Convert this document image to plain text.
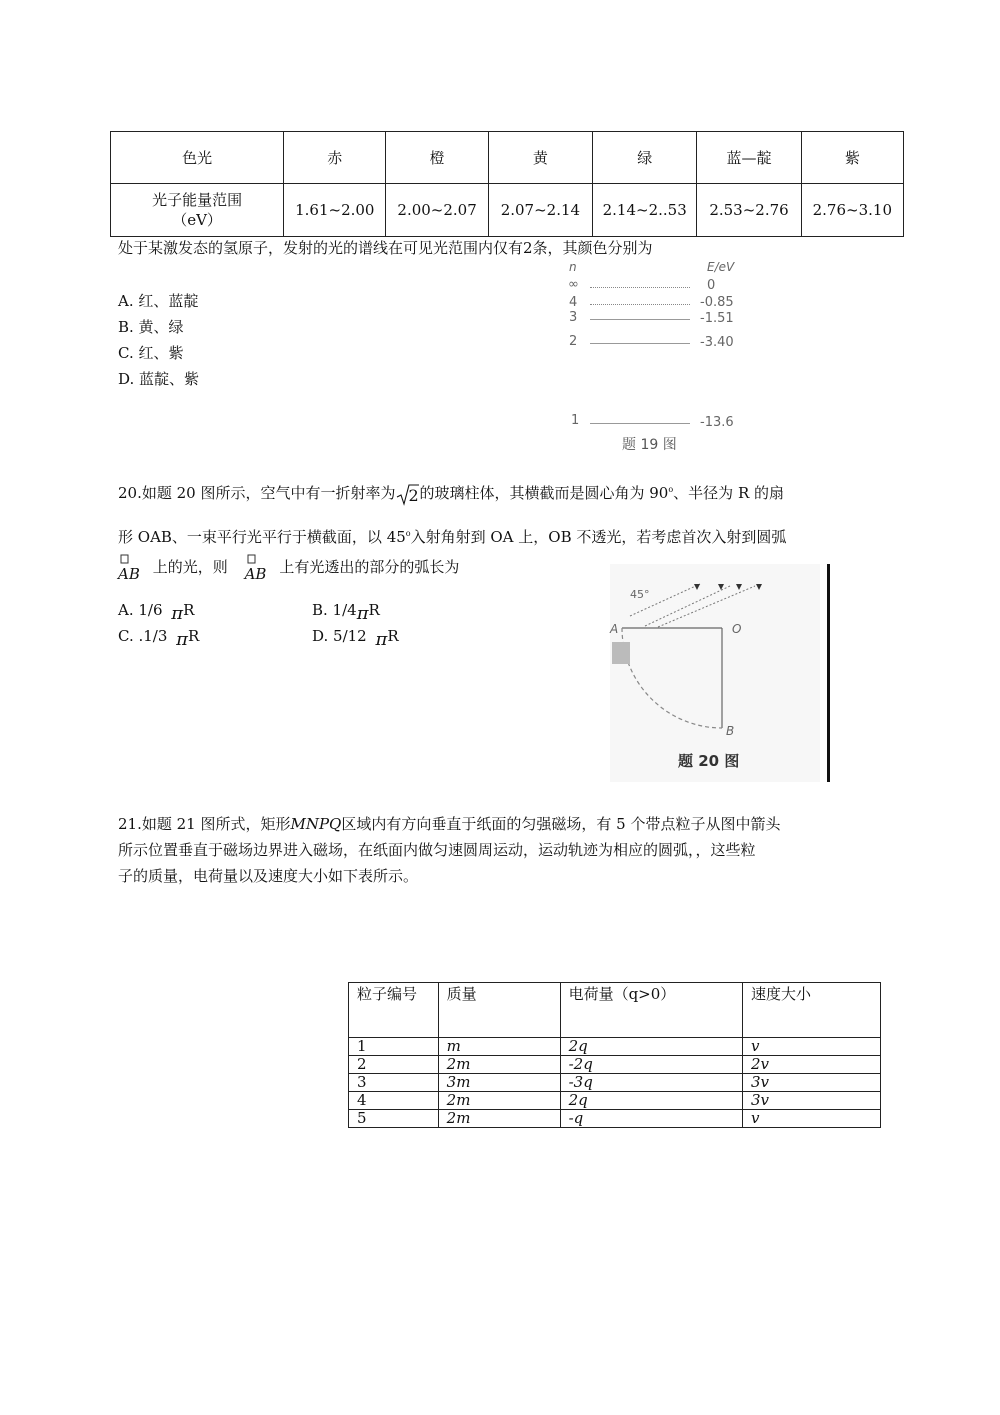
色光	赤	橙	黄	绿	蓝—靛	紫

光子能量范围
（eV）	1.61~2.00	2.00~2.07	2.07~2.14	2.14~2..53	2.53~2.76	2.76~3.10
处于某激发态的氢原子，发射的光的谱线在可见光范围内仅有2条，其颜色分别为
A. 红、蓝靛
B. 黄、绿
C. 红、紫
D. 蓝靛、紫
n	E/eV
∞	0
4	-0.85
3	-1.51
2	-3.40
1	-13.6
题 19 图
20.如题 20 图所示，空气中有一折射率为 2 的玻璃柱体，其横截而是圆心角为 90$^o$、半径为 R 的扇
形 OAB、一束平行光平行于横截面，以 45$^o$入射角射到 OA 上，OB 不透光，若考虑首次入射到圆弧
AB 上的光，则 AB 上有光透出的部分的弧长为
A. 1/6 πR	B. 1/4πR
C. .1/3 πR	D. 5/12 πR
45°
A	O
B
题 20 图
21.如题 21 图所式，矩形MNPQ区域内有方向垂直于纸面的匀强磁场，有 5 个带点粒子从图中箭头
所示位置垂直于磁场边界进入磁场，在纸面内做匀速圆周运动，运动轨迹为相应的圆弧，，这些粒
子的质量，电荷量以及速度大小如下表所示。
粒子编号	质量	电荷量（q>0）	速度大小
1	m	2q	v
2	2m	-2q	2v
3	3m	-3q	3v
4	2m	2q	3v
5	2m	-q	v
